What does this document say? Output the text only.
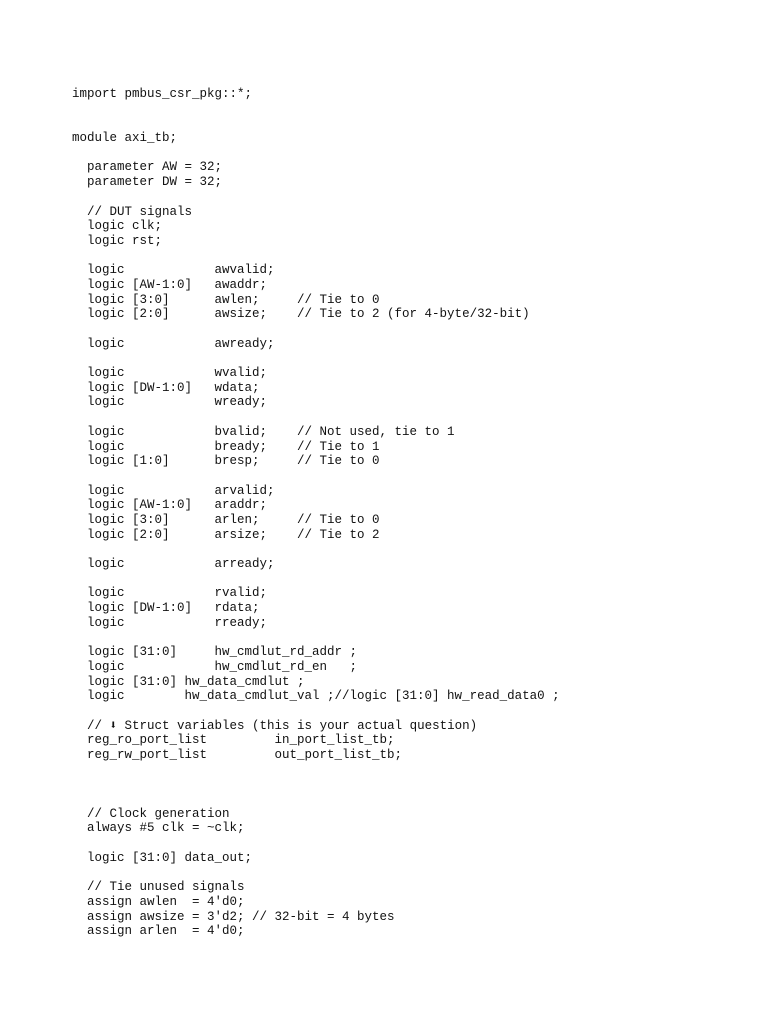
import pmbus_csr_pkg::*;
module axi_tb;
parameter AW = 32;
parameter DW = 32;
// DUT signals
logic clk;
logic rst;
logic            awvalid;
logic [AW-1:0]   awaddr;
logic [3:0]      awlen;     // Tie to 0
logic [2:0]      awsize;    // Tie to 2 (for 4-byte/32-bit)
logic            awready;
logic            wvalid;
logic [DW-1:0]   wdata;
logic            wready;
logic            bvalid;    // Not used, tie to 1
logic            bready;    // Tie to 1
logic [1:0]      bresp;     // Tie to 0
logic            arvalid;
logic [AW-1:0]   araddr;
logic [3:0]      arlen;     // Tie to 0
logic [2:0]      arsize;    // Tie to 2
logic            arready;
logic            rvalid;
logic [DW-1:0]   rdata;
logic            rready;
logic [31:0]     hw_cmdlut_rd_addr ;
logic            hw_cmdlut_rd_en   ;
logic [31:0] hw_data_cmdlut ;
logic        hw_data_cmdlut_val ;//logic [31:0] hw_read_data0 ;
// ⬇ Struct variables (this is your actual question)
reg_ro_port_list         in_port_list_tb;
reg_rw_port_list         out_port_list_tb;
// Clock generation
always #5 clk = ~clk;
logic [31:0] data_out;
// Tie unused signals
assign awlen  = 4'd0;
assign awsize = 3'd2; // 32-bit = 4 bytes
assign arlen  = 4'd0;
